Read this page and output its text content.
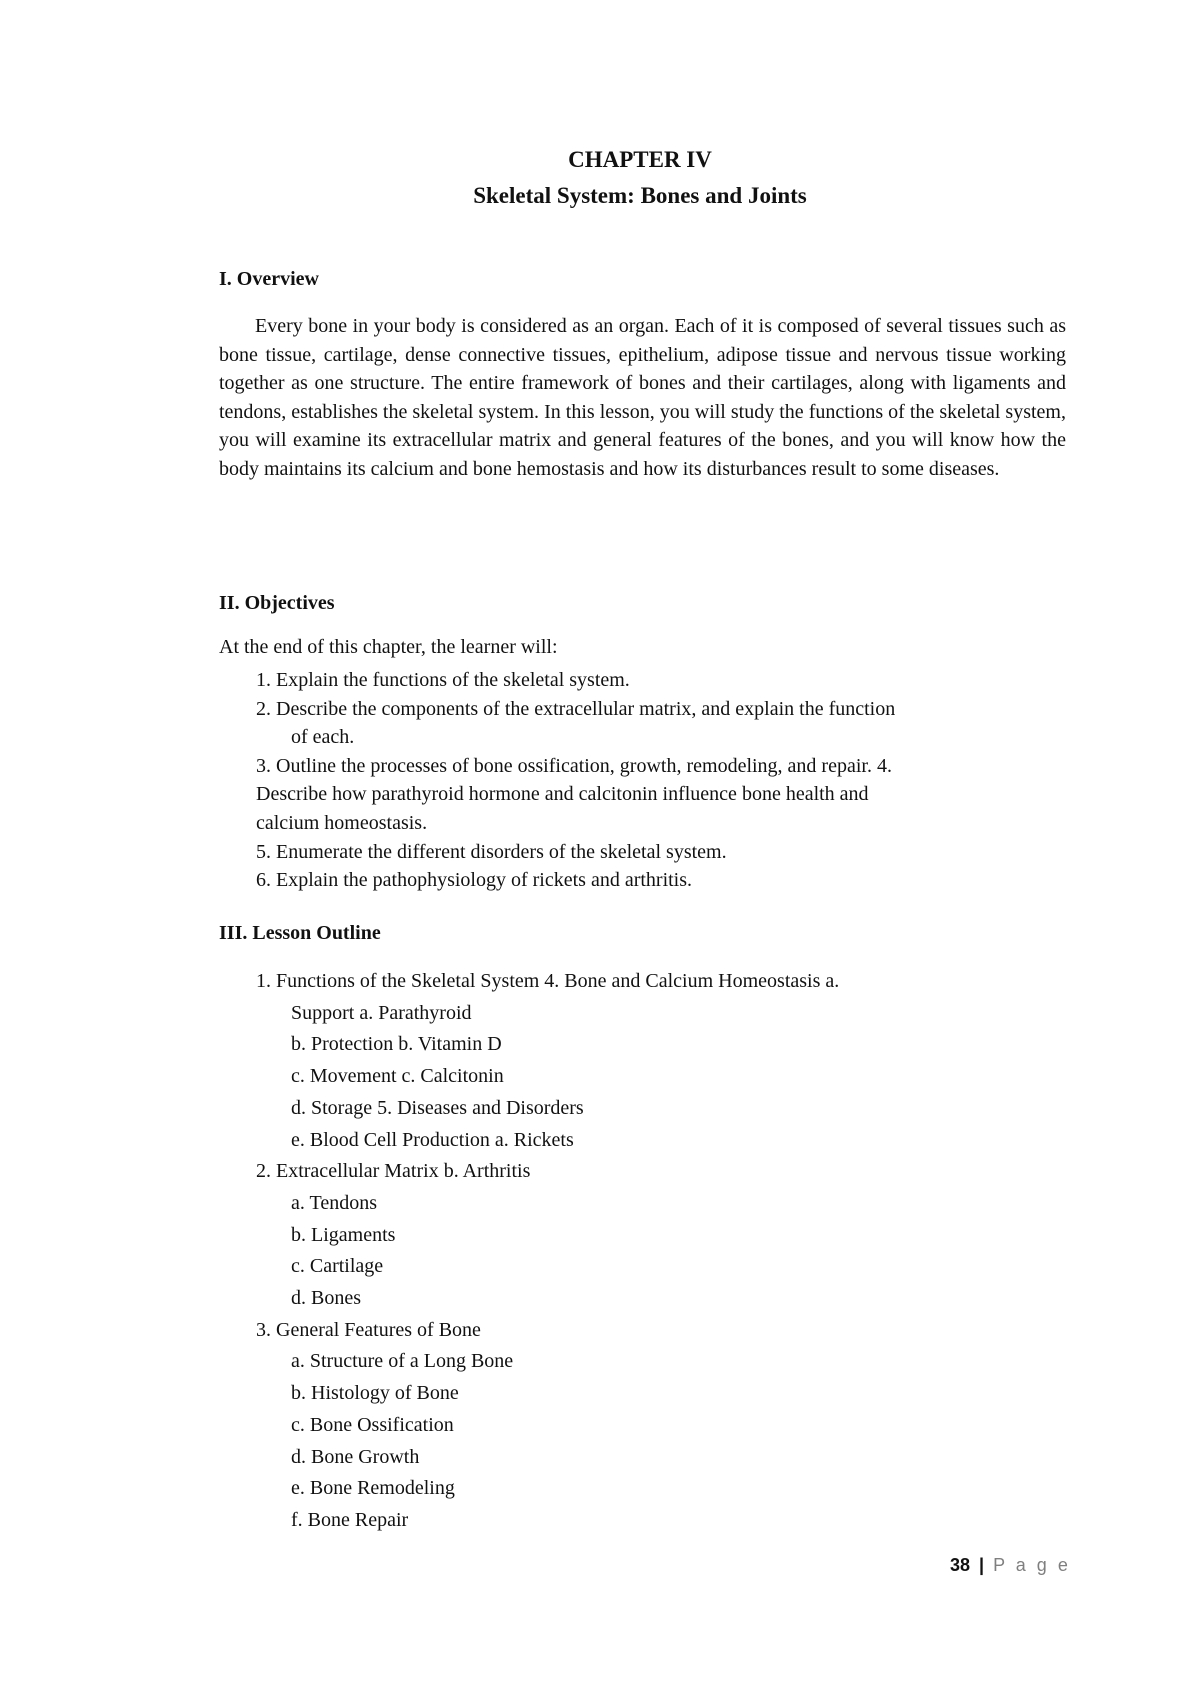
CHAPTER IV
Skeletal System: Bones and Joints
I. Overview

Every bone in your body is considered as an organ. Each of it is composed of several tissues such as bone tissue, cartilage, dense connective tissues, epithelium, adipose tissue and nervous tissue working together as one structure. The entire framework of bones and their cartilages, along with ligaments and tendons, establishes the skeletal system. In this lesson, you will study the functions of the skeletal system, you will examine its extracellular matrix and general features of the bones, and you will know how the body maintains its calcium and bone hemostasis and how its disturbances result to some diseases.

II. Objectives

At the end of this chapter, the learner will:

1. Explain the functions of the skeletal system.
2. Describe the components of the extracellular matrix, and explain the function
of each.
3. Outline the processes of bone ossification, growth, remodeling, and repair. 4.
Describe how parathyroid hormone and calcitonin influence bone health and
calcium homeostasis.
5. Enumerate the different disorders of the skeletal system.
6. Explain the pathophysiology of rickets and arthritis.
III. Lesson Outline
1. Functions of the Skeletal System 4. Bone and Calcium Homeostasis a.
Support a. Parathyroid
b. Protection b. Vitamin D
c. Movement c. Calcitonin
d. Storage 5. Diseases and Disorders
e. Blood Cell Production a. Rickets
2. Extracellular Matrix b. Arthritis
a. Tendons
b. Ligaments
c. Cartilage
d. Bones
3. General Features of Bone
a. Structure of a Long Bone
b. Histology of Bone
c. Bone Ossification
d. Bone Growth
e. Bone Remodeling
f. Bone Repair

38 | P a g e
